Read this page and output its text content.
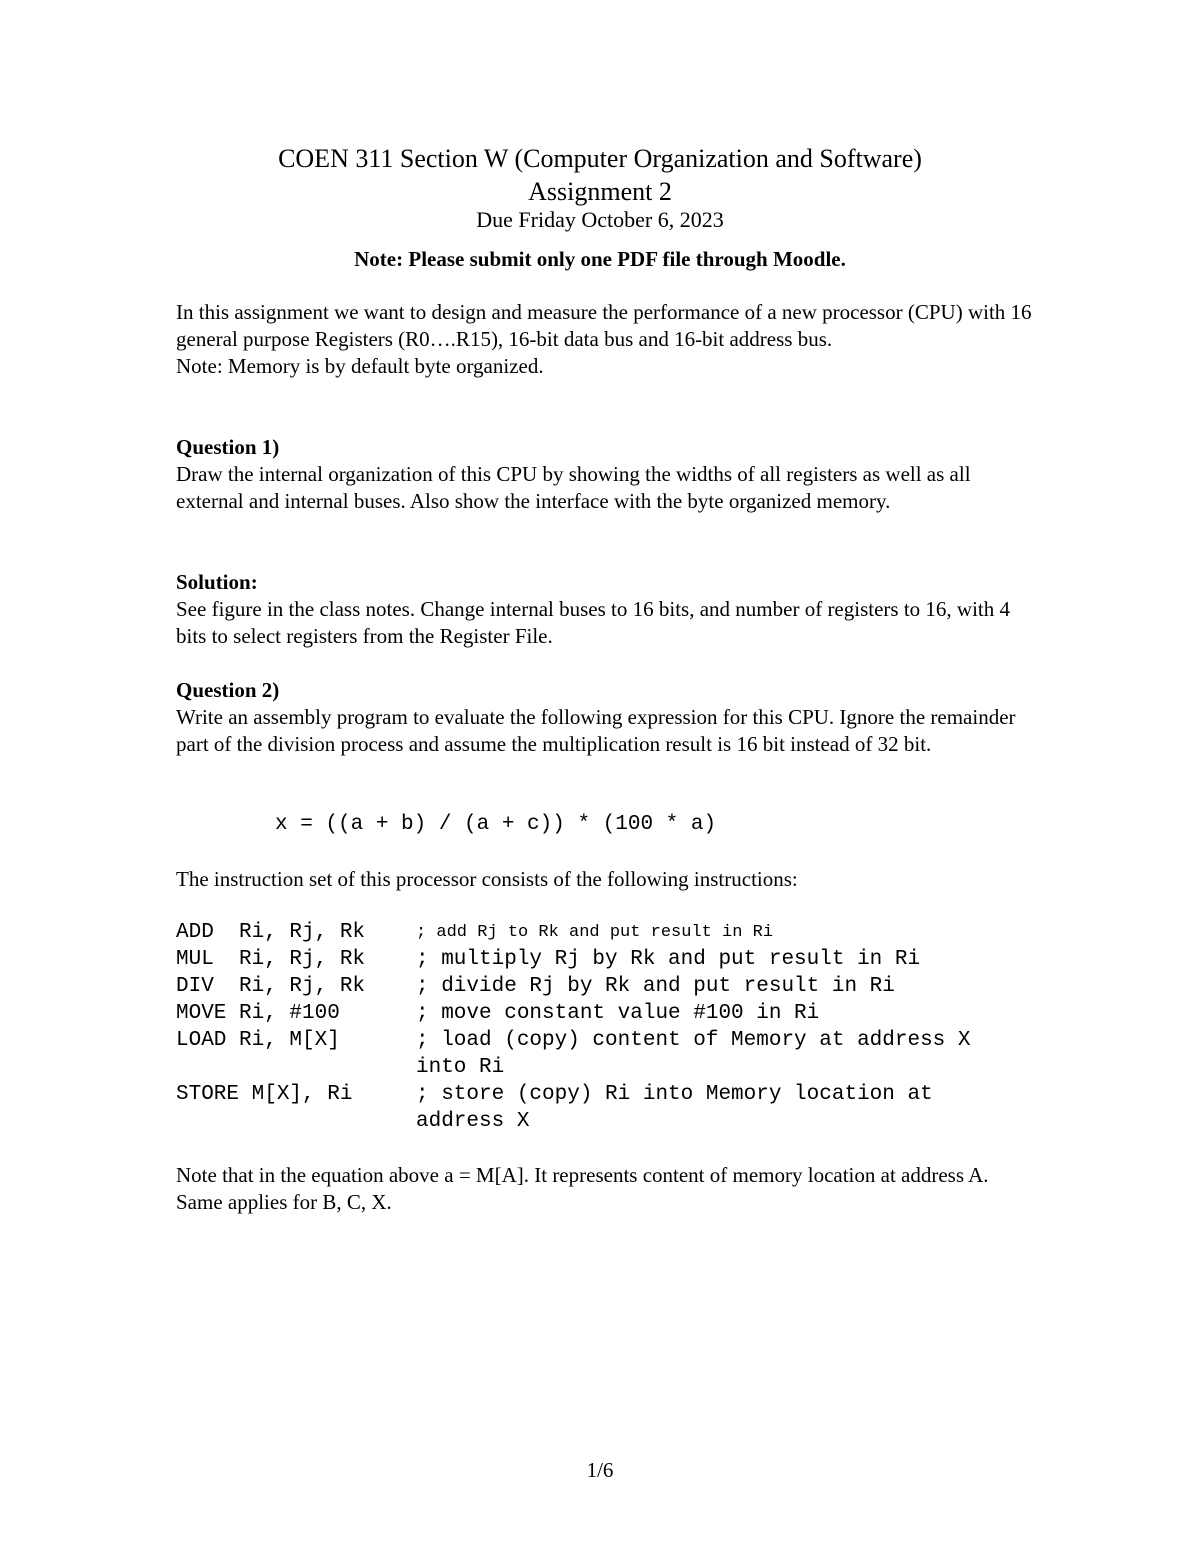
COEN 311 Section W (Computer Organization and Software)
Assignment 2
Due Friday October 6, 2023
Note: Please submit only one PDF file through Moodle.

In this assignment we want to design and measure the performance of a new processor (CPU) with 16 general purpose Registers (R0….R15), 16-bit data bus and 16-bit address bus.

Note: Memory is by default byte organized.

Question 1)

Draw the internal organization of this CPU by showing the widths of all registers as well as all external and internal buses. Also show the interface with the byte organized memory.

Solution:

See figure in the class notes. Change internal buses to 16 bits, and number of registers to 16, with 4 bits to select registers from the Register File.

Question 2)

Write an assembly program to evaluate the following expression for this CPU. Ignore the remainder part of the division process and assume the multiplication result is 16 bit instead of 32 bit.

x = ((a + b) / (a + c)) * (100 * a)

The instruction set of this processor consists of the following instructions:

ADD  Ri, Rj, Rk	; add Rj to Rk and put result in Ri
MUL  Ri, Rj, Rk	; multiply Rj by Rk and put result in Ri
DIV  Ri, Rj, Rk	; divide Rj by Rk and put result in Ri
MOVE Ri, #100	; move constant value #100 in Ri
LOAD Ri, M[X]	; load (copy) content of Memory at address X into Ri
STORE M[X], Ri	; store (copy) Ri into Memory location at address X

Note that in the equation above a = M[A]. It represents content of memory location at address A. Same applies for B, C, X.

1/6
